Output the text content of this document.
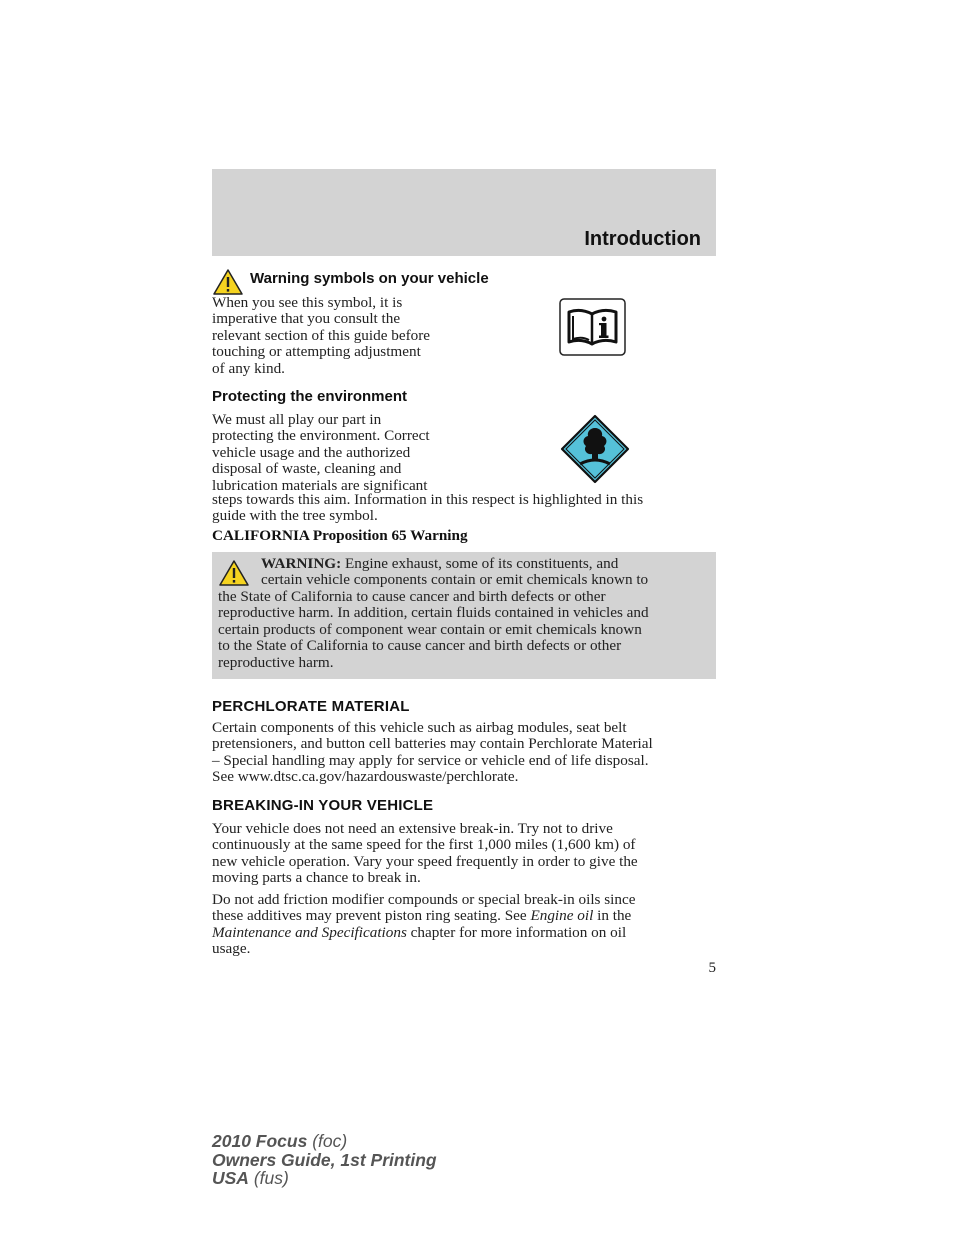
Introduction
Warning symbols on your vehicle
When you see this symbol, it is
imperative that you consult the
relevant section of this guide before
touching or attempting adjustment
of any kind.
Protecting the environment
We must all play our part in
protecting the environment. Correct
vehicle usage and the authorized
disposal of waste, cleaning and
lubrication materials are significant
steps towards this aim. Information in this respect is highlighted in this
guide with the tree symbol.
CALIFORNIA Proposition 65 Warning
WARNING: Engine exhaust, some of its constituents, and
certain vehicle components contain or emit chemicals known to
the State of California to cause cancer and birth defects or other
reproductive harm. In addition, certain fluids contained in vehicles and
certain products of component wear contain or emit chemicals known
to the State of California to cause cancer and birth defects or other
reproductive harm.
PERCHLORATE MATERIAL
Certain components of this vehicle such as airbag modules, seat belt
pretensioners, and button cell batteries may contain Perchlorate Material
– Special handling may apply for service or vehicle end of life disposal.
See www.dtsc.ca.gov/hazardouswaste/perchlorate.
BREAKING-IN YOUR VEHICLE
Your vehicle does not need an extensive break-in. Try not to drive
continuously at the same speed for the first 1,000 miles (1,600 km) of
new vehicle operation. Vary your speed frequently in order to give the
moving parts a chance to break in.
Do not add friction modifier compounds or special break-in oils since
these additives may prevent piston ring seating. See Engine oil in the
Maintenance and Specifications chapter for more information on oil
usage.
5
2010 Focus (foc)
Owners Guide, 1st Printing
USA (fus)
